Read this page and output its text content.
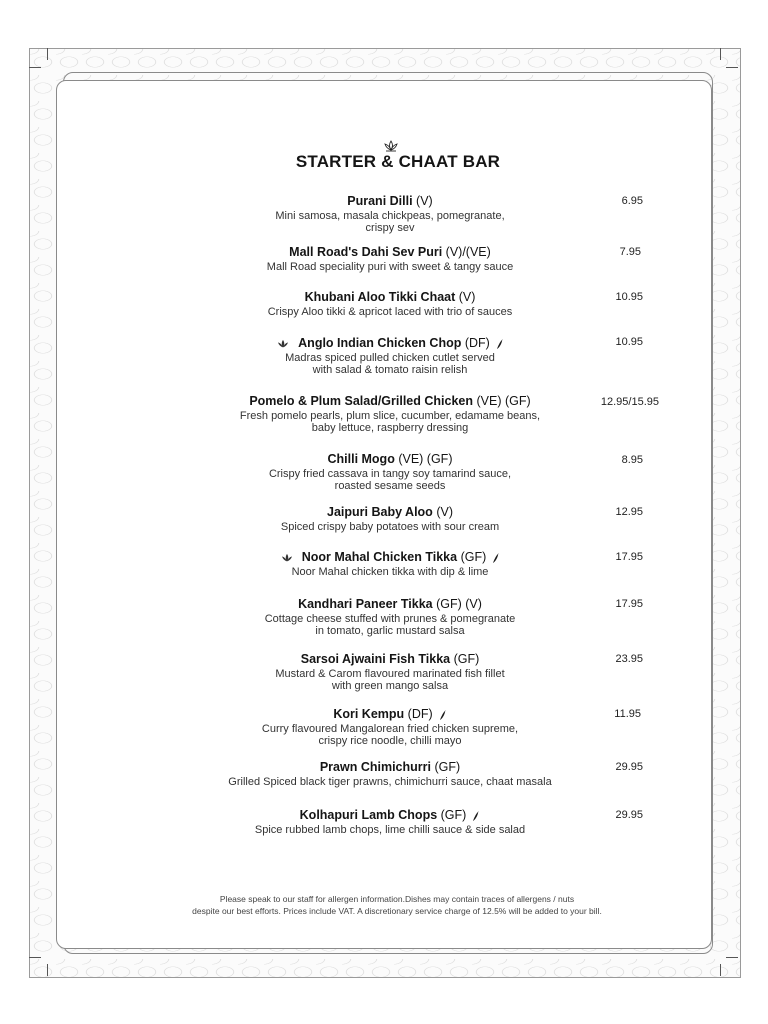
STARTER & CHAAT BAR
Purani Dilli (V)
Mini samosa, masala chickpeas, pomegranate,
crispy sev
6.95
Mall Road's Dahi Sev Puri (V)/(VE)
Mall Road speciality puri with sweet & tangy sauce
7.95
Khubani Aloo Tikki Chaat (V)
Crispy Aloo tikki & apricot laced with trio of sauces
10.95
Anglo Indian Chicken Chop (DF)
Madras spiced pulled chicken cutlet served
with salad & tomato raisin relish
10.95
Pomelo & Plum Salad/Grilled Chicken (VE) (GF)
Fresh pomelo pearls, plum slice, cucumber, edamame beans,
baby lettuce, raspberry dressing
12.95/15.95
Chilli Mogo (VE) (GF)
Crispy fried cassava in tangy soy tamarind sauce,
roasted sesame seeds
8.95
Jaipuri Baby Aloo (V)
Spiced crispy baby potatoes with sour cream
12.95
Noor Mahal Chicken Tikka (GF)
Noor Mahal chicken tikka with dip & lime
17.95
Kandhari Paneer Tikka (GF) (V)
Cottage cheese stuffed with prunes & pomegranate
in tomato, garlic mustard salsa
17.95
Sarsoi Ajwaini Fish Tikka (GF)
Mustard & Carom flavoured marinated fish fillet
with green mango salsa
23.95
Kori Kempu (DF)
Curry flavoured Mangalorean fried chicken supreme,
crispy rice noodle, chilli mayo
11.95
Prawn Chimichurri (GF)
Grilled Spiced black tiger prawns, chimichurri sauce, chaat masala
29.95
Kolhapuri Lamb Chops (GF)
Spice rubbed lamb chops, lime chilli sauce & side salad
29.95
Please speak to our staff for allergen information.Dishes may contain traces of allergens / nuts
despite our best efforts. Prices include VAT. A discretionary service charge of 12.5% will be added to your bill.
